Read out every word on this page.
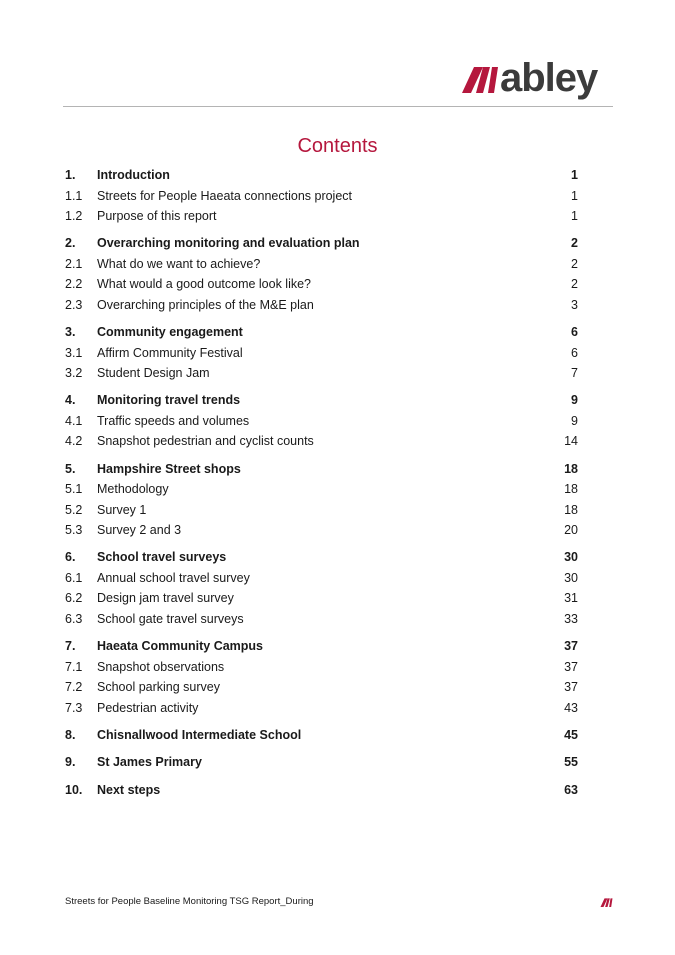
abley
Contents
1.	Introduction	1
1.1	Streets for People Haeata connections project	1
1.2	Purpose of this report	1
2.	Overarching monitoring and evaluation plan	2
2.1	What do we want to achieve?	2
2.2	What would a good outcome look like?	2
2.3	Overarching principles of the M&E plan	3
3.	Community engagement	6
3.1	Affirm Community Festival	6
3.2	Student Design Jam	7
4.	Monitoring travel trends	9
4.1	Traffic speeds and volumes	9
4.2	Snapshot pedestrian and cyclist counts	14
5.	Hampshire Street shops	18
5.1	Methodology	18
5.2	Survey 1	18
5.3	Survey 2 and 3	20
6.	School travel surveys	30
6.1	Annual school travel survey	30
6.2	Design jam travel survey	31
6.3	School gate travel surveys	33
7.	Haeata Community Campus	37
7.1	Snapshot observations	37
7.2	School parking survey	37
7.3	Pedestrian activity	43
8.	Chisnallwood Intermediate School	45
9.	St James Primary	55
10.	Next steps	63
Streets for People Baseline Monitoring TSG Report_During
